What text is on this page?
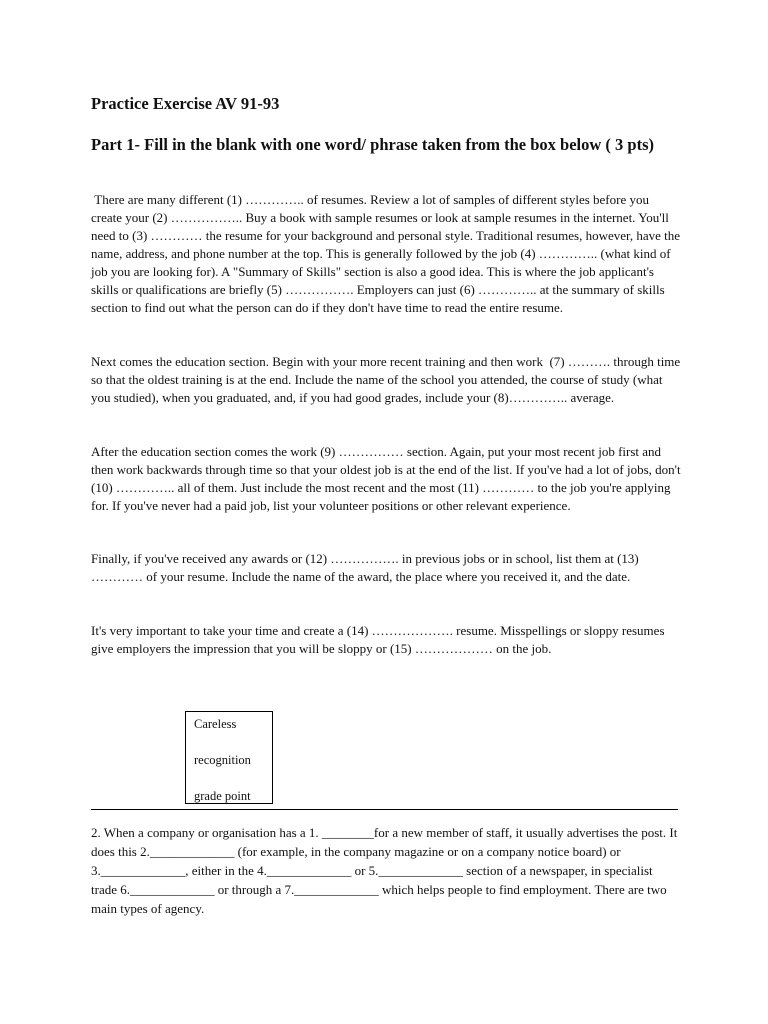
Practice Exercise AV 91-93
Part 1- Fill in the blank with one word/ phrase taken from the box below ( 3 pts)

There are many different (1) ………….. of resumes. Review a lot of samples of different styles before you create your (2) …………….. Buy a book with sample resumes or look at sample resumes in the internet. You'll need to (3) ………… the resume for your background and personal style. Traditional resumes, however, have the name, address, and phone number at the top. This is generally followed by the job (4) ………….. (what kind of job you are looking for). A "Summary of Skills" section is also a good idea. This is where the job applicant's skills or qualifications are briefly (5) ……………. Employers can just (6) ………….. at the summary of skills section to find out what the person can do if they don't have time to read the entire resume.

Next comes the education section. Begin with your more recent training and then work  (7) ………. through time so that the oldest training is at the end. Include the name of the school you attended, the course of study (what you studied), when you graduated, and, if you had good grades, include your (8)………….. average.

After the education section comes the work (9) …………… section. Again, put your most recent job first and then work backwards through time so that your oldest job is at the end of the list. If you've had a lot of jobs, don't (10) ………….. all of them. Just include the most recent and the most (11) ………… to the job you're applying for. If you've never had a paid job, list your volunteer positions or other relevant experience.

Finally, if you've received any awards or (12) ……………. in previous jobs or in school, list them at (13) ………… of your resume. Include the name of the award, the place where you received it, and the date.

It's very important to take your time and create a (14) ………………. resume. Misspellings or sloppy resumes give employers the impression that you will be sloppy or (15) ……………… on the job.

Careless
recognition
grade point

2. When a company or organisation has a 1. ________for a new member of staff, it usually advertises the post. It does this 2._____________ (for example, in the company magazine or on a company notice board) or 3._____________, either in the 4._____________ or 5._____________ section of a newspaper, in specialist trade 6._____________ or through a 7._____________ which helps people to find employment. There are two main types of agency.
